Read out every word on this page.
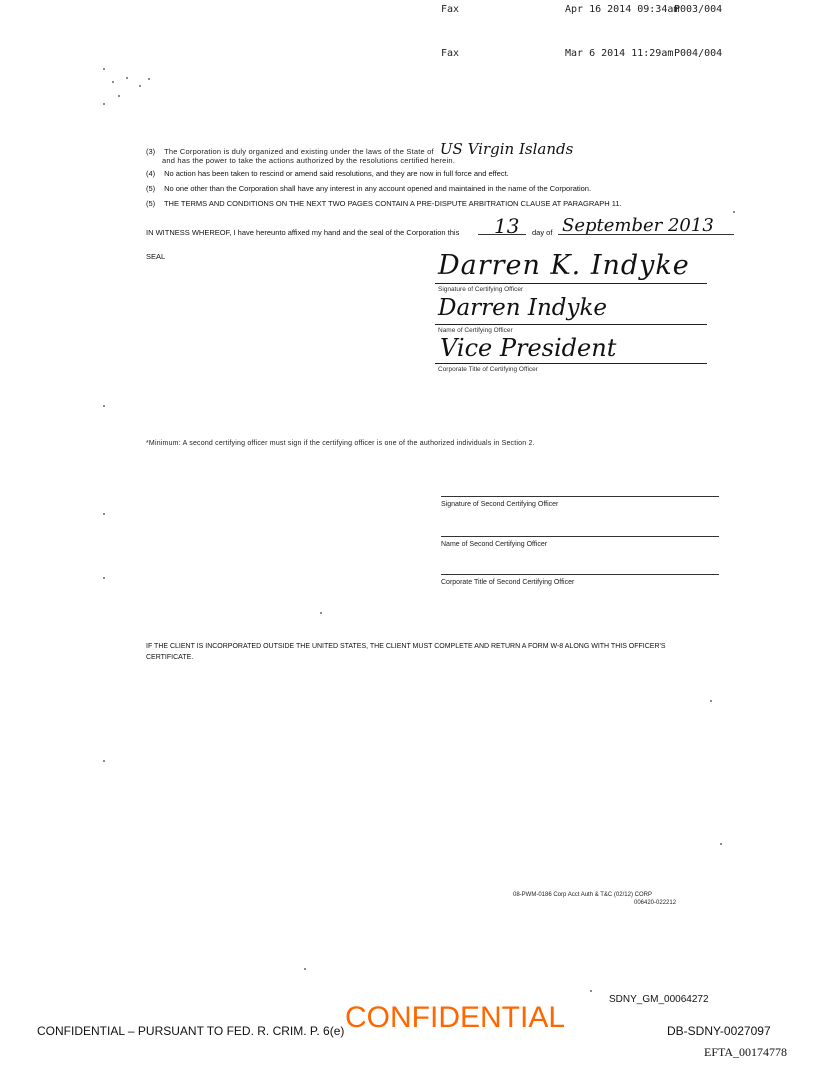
Fax	Apr 16 2014 09:34am
P003/004
Fax	Mar 6 2014 11:29am P004/004
(3) The Corporation is duly organized and existing under the laws of the State of US Virgin Islands
and has the power to take the actions authorized by the resolutions certified herein.
(4) No action has been taken to rescind or amend said resolutions, and they are now in full force and effect.
(5) No one other than the Corporation shall have any interest in any account opened and maintained in the name of the Corporation.
(5) THE TERMS AND CONDITIONS ON THE NEXT TWO PAGES CONTAIN A PRE-DISPUTE ARBITRATION CLAUSE AT PARAGRAPH 11.
IN WITNESS WHEREOF, I have hereunto affixed my hand and the seal of the Corporation this 13 day of September 2013
SEAL	Darren K. Indyke
Signature of Certifying Officer
Darren Indyke
Name of Certifying Officer
Vice President
Corporate Title of Certifying Officer
*Minimum: A second certifying officer must sign if the certifying officer is one of the authorized individuals in Section 2.
Signature of Second Certifying Officer
Name of Second Certifying Officer
Corporate Title of Second Certifying Officer
IF THE CLIENT IS INCORPORATED OUTSIDE THE UNITED STATES, THE CLIENT MUST COMPLETE AND RETURN A FORM W-8 ALONG WITH THIS OFFICER'S CERTIFICATE.
08-PWM-0186 Corp Acct Auth & T&C (02/12) CORP
006420-022212
SDNY_GM_00064272
CONFIDENTIAL – PURSUANT TO FED. R. CRIM. P. 6(e) CONFIDENTIAL	DB-SDNY-0027097
EFTA_00174778
